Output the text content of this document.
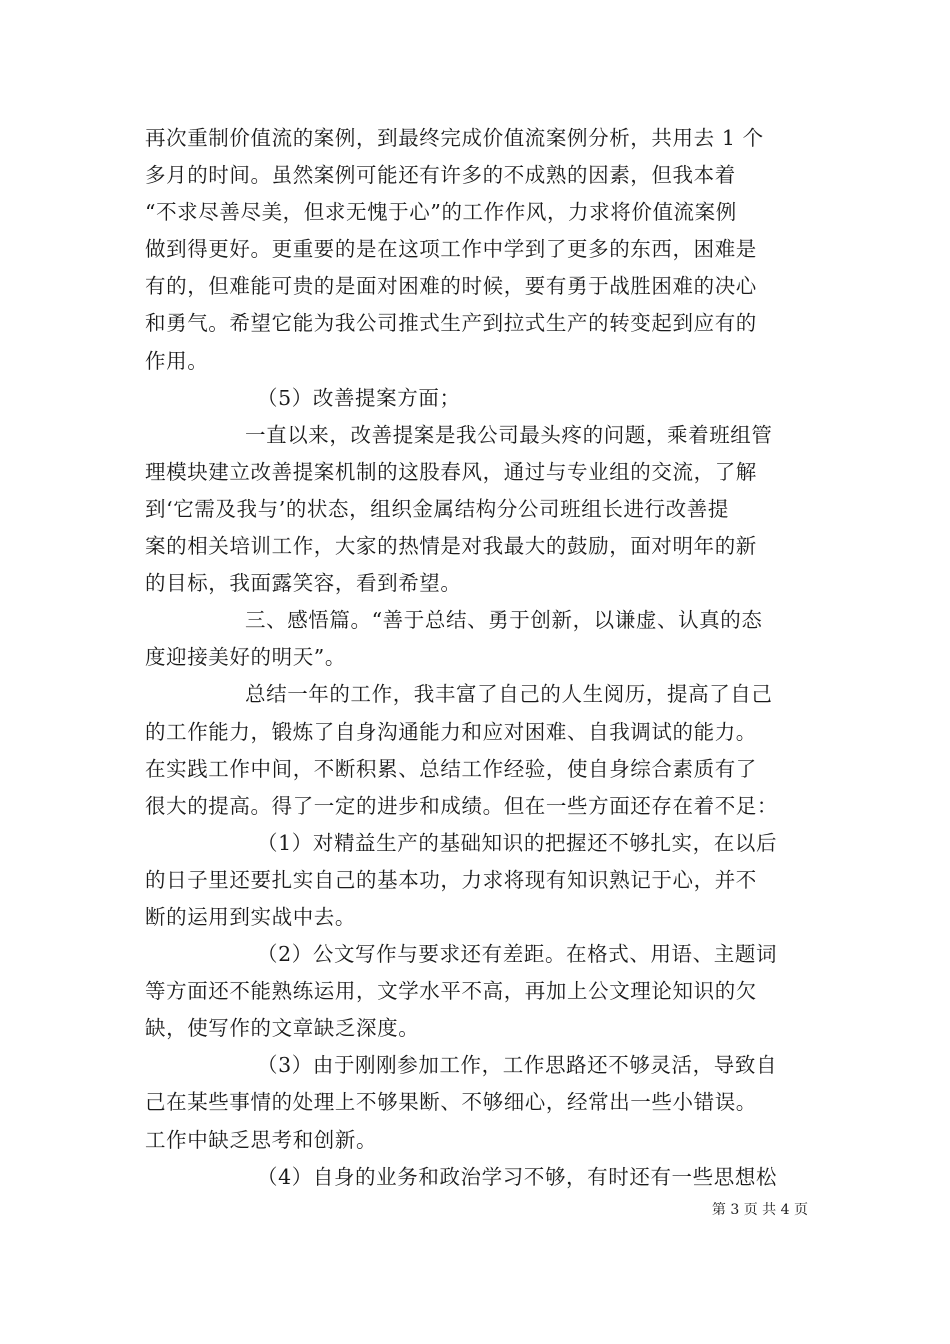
再次重制价值流的案例，到最终完成价值流案例分析，共用去 1 个
多月的时间。虽然案例可能还有许多的不成熟的因素，但我本着
“不求尽善尽美，但求无愧于心”的工作作风，力求将价值流案例
做到得更好。更重要的是在这项工作中学到了更多的东西，困难是
有的，但难能可贵的是面对困难的时候，要有勇于战胜困难的决心
和勇气。希望它能为我公司推式生产到拉式生产的转变起到应有的
作用。
（5）改善提案方面；
一直以来，改善提案是我公司最头疼的问题，乘着班组管
理模块建立改善提案机制的这股春风，通过与专业组的交流，了解
到‘它需及我与’的状态，组织金属结构分公司班组长进行改善提
案的相关培训工作，大家的热情是对我最大的鼓励，面对明年的新
的目标，我面露笑容，看到希望。
三、感悟篇。“善于总结、勇于创新，以谦虚、认真的态
度迎接美好的明天”。
总结一年的工作，我丰富了自己的人生阅历，提高了自己
的工作能力，锻炼了自身沟通能力和应对困难、自我调试的能力。
在实践工作中间，不断积累、总结工作经验，使自身综合素质有了
很大的提高。得了一定的进步和成绩。但在一些方面还存在着不足：
（1）对精益生产的基础知识的把握还不够扎实，在以后
的日子里还要扎实自己的基本功，力求将现有知识熟记于心，并不
断的运用到实战中去。
（2）公文写作与要求还有差距。在格式、用语、主题词
等方面还不能熟练运用，文学水平不高，再加上公文理论知识的欠
缺，使写作的文章缺乏深度。
（3）由于刚刚参加工作，工作思路还不够灵活，导致自
己在某些事情的处理上不够果断、不够细心，经常出一些小错误。
工作中缺乏思考和创新。
（4）自身的业务和政治学习不够，有时还有一些思想松
第 3 页 共 4 页
